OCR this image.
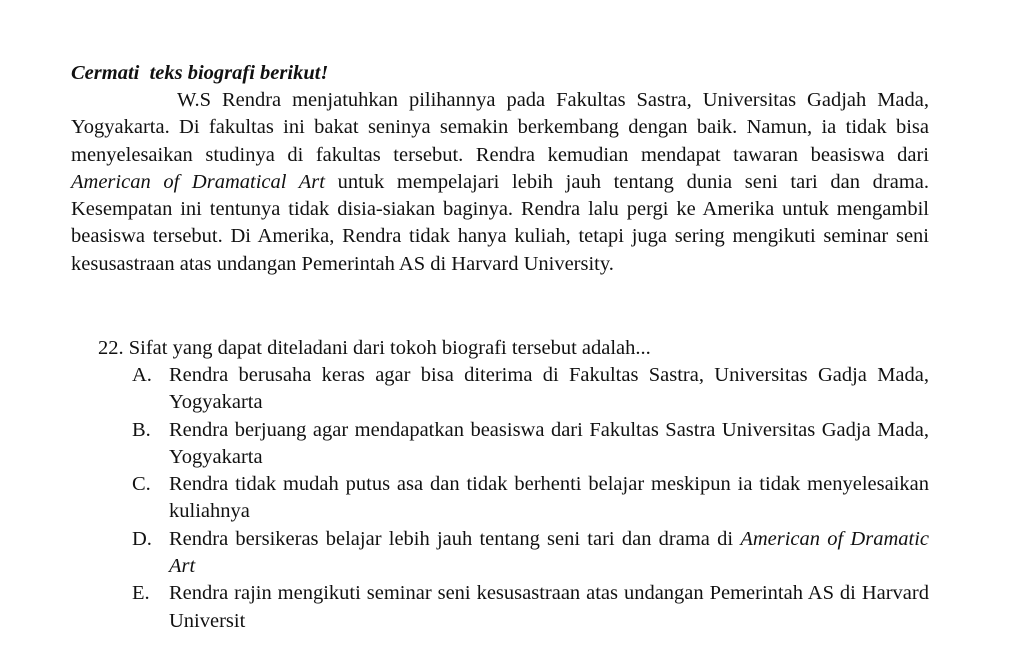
Cermati  teks biografi berikut!

W.S Rendra menjatuhkan pilihannya pada Fakultas Sastra, Universitas Gadjah Mada, Yogyakarta. Di fakultas ini bakat seninya semakin berkembang dengan baik. Namun, ia tidak bisa menyelesaikan studinya di fakultas tersebut. Rendra kemudian mendapat tawaran beasiswa dari American of Dramatical Art untuk mempelajari lebih jauh tentang dunia seni tari dan drama. Kesempatan ini tentunya tidak disia-siakan baginya. Rendra lalu pergi ke Amerika untuk mengambil beasiswa tersebut. Di Amerika, Rendra tidak hanya kuliah, tetapi juga sering mengikuti seminar seni kesusastraan atas undangan Pemerintah AS di Harvard University.

22. Sifat yang dapat diteladani dari tokoh biografi tersebut adalah...
A. Rendra berusaha keras agar bisa diterima di Fakultas Sastra, Universitas Gadja Mada, Yogyakarta
B. Rendra berjuang agar mendapatkan beasiswa dari Fakultas Sastra Universitas Gadja Mada, Yogyakarta
C. Rendra tidak mudah putus asa dan tidak berhenti belajar meskipun ia tidak menyelesaikan kuliahnya
D. Rendra bersikeras belajar lebih jauh tentang seni tari dan drama di American of Dramatic Art
E. Rendra rajin mengikuti seminar seni kesusastraan atas undangan Pemerintah AS di Harvard Universit
